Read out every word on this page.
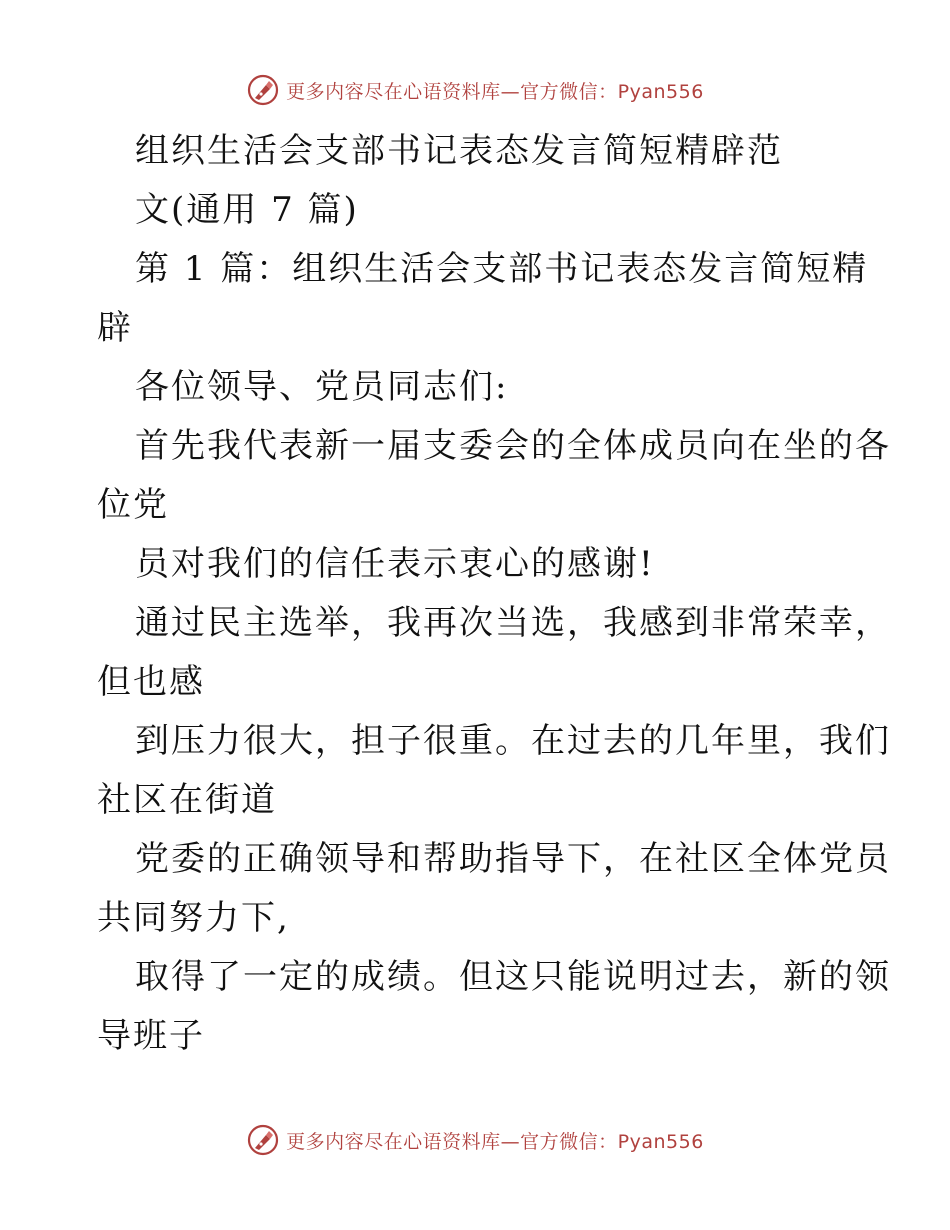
更多内容尽在心语资料库—官方微信：Pyan556
组织生活会支部书记表态发言简短精辟范
文(通用 7 篇)
第 1 篇：组织生活会支部书记表态发言简短精
辟
各位领导、党员同志们:
首先我代表新一届支委会的全体成员向在坐的各
位党
员对我们的信任表示衷心的感谢!
通过民主选举，我再次当选，我感到非常荣幸，
但也感
到压力很大，担子很重。在过去的几年里，我们
社区在街道
党委的正确领导和帮助指导下，在社区全体党员
共同努力下,
取得了一定的成绩。但这只能说明过去，新的领
导班子
更多内容尽在心语资料库—官方微信：Pyan556
